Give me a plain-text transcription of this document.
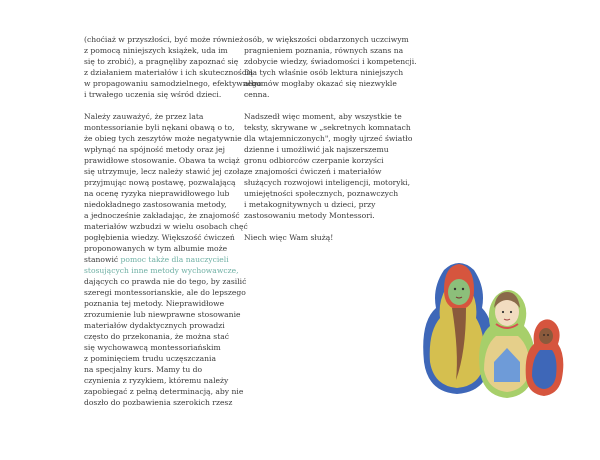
(choćiaż w przyszłości, być może również
z pomocą niniejszych książek, uda im
się to zrobić), a pragnęliby zapoznać się
z działaniem materiałów i ich skutecznością
w propagowaniu samodzielnego, efektywnego
i trwałego uczenia się wśród dzieci.

Należy zauważyć, że przez lata
montessorianie byli nękani obawą o to,
że obieg tych zeszytów może negatywnie
wpłynąć na spójność metody oraz jej
prawidłowe stosowanie. Obawa ta wciąż
się utrzymuje, lecz należy stawić jej czoła,
przyjmując nową postawę, pozwalającą
na ocenę ryzyka nieprawidłowego lub
niedokładnego zastosowania metody,
a jednocześnie zakładając, że znajomość
materiałów wzbudzi w wielu osobach chęć
pogłębienia wiedzy. Większość ćwiczeń
proponowanych w tym albumie może
stanowić pomoc także dla nauczycieli
stosujących inne metody wychowawcze,
dających co prawda nie do tego, by zasilić
szeregi montessorianskie, ale do lepszego
poznania tej metody. Nieprawidłowe
zrozumienie lub niewprawne stosowanie
materiałów dydaktycznych prowadzi
często do przekonania, że można stać
się wychowawcą montessoriańskim
z pominięciem trudu uczęszczania
na specjalny kurs. Mamy tu do
czynienia z ryzykiem, któremu należy
zapobiegać z pełną determinacją, aby nie
doszło do pozbawienia szerokich rzesz

osób, w większości obdarzonych uczciwym
pragnieniem poznania, równych szans na
zdobycie wiedzy, świadomości i kompetencji.
Dla tych właśnie osób lektura niniejszych
albumów mogłaby okazać się niezwykle
cenna.

Nadszedł więc moment, aby wszystkie te
teksty, skrywane w „sekretnych komnatach
dla wtajemniczonych", mogły ujrzeć światło
dzienne i umożliwić jak najszerszemu
gronu odbiorców czerpanie korzyści
ze znajomości ćwiczeń i materiałów
służących rozwojowi inteligencji, motoryki,
umiejętności społecznych, poznawczych
i metakognitywnych u dzieci, przy
zastosowaniu metody Montessori.

Niech więc Wam służą!
